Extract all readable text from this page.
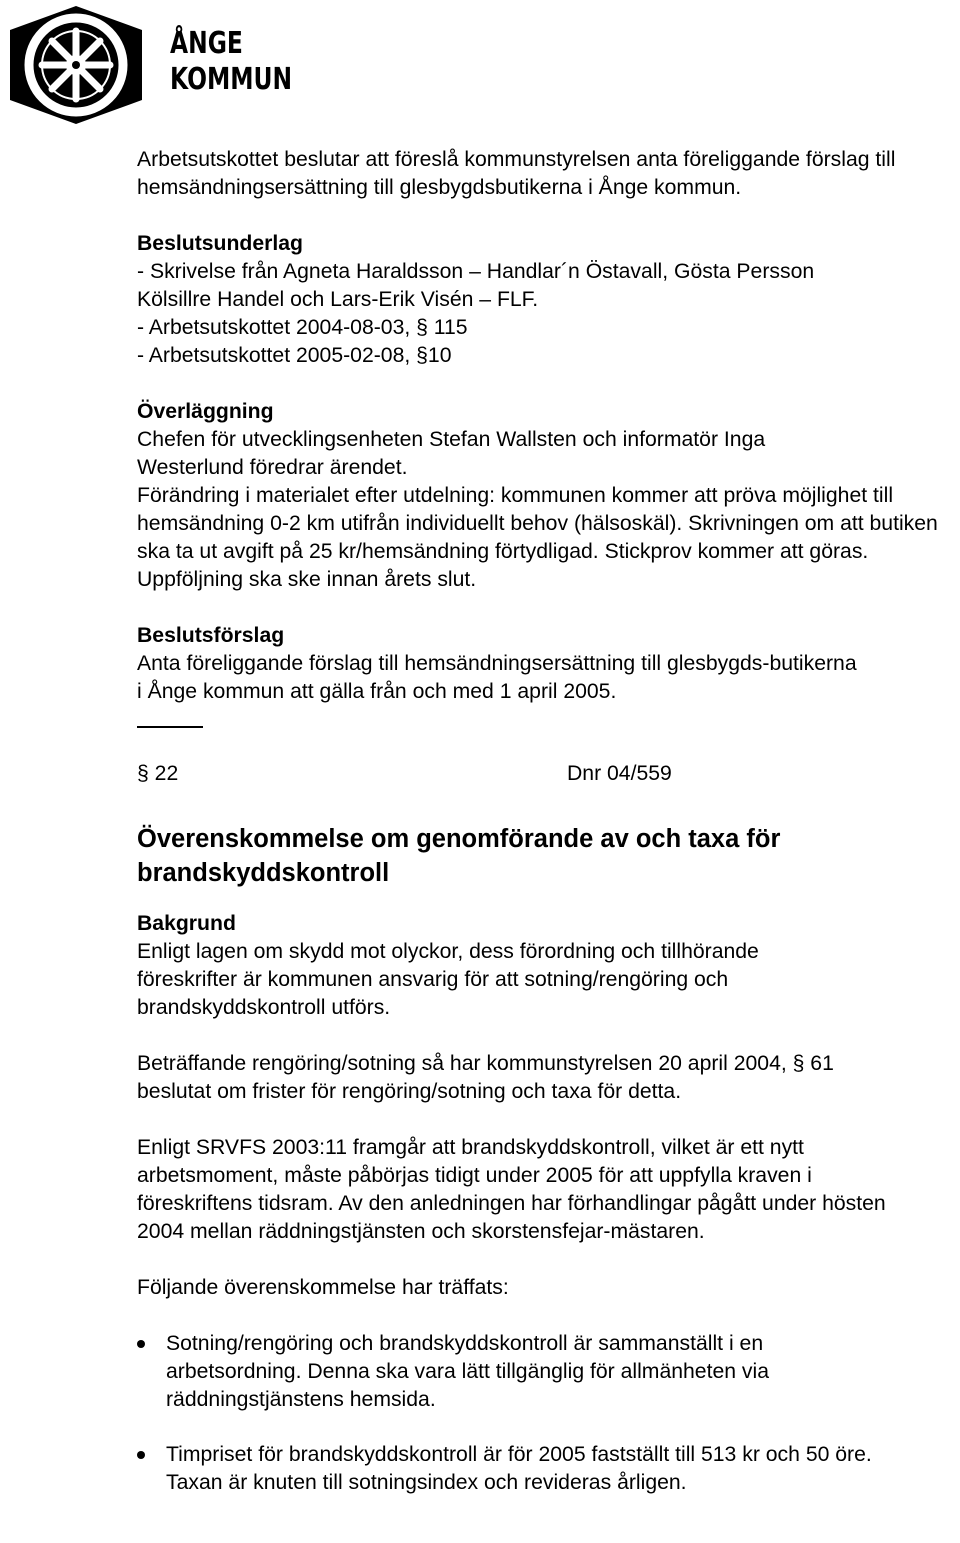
ÅNGE
KOMMUN

Arbetsutskottet beslutar att föreslå kommunstyrelsen anta föreliggande förslag till hemsändningsersättning till glesbygdsbutikerna i Ånge kommun.

Beslutsunderlag

- Skrivelse från Agneta Haraldsson – Handlar´n Östavall, Gösta Persson

Kölsillre Handel och Lars-Erik Visén – FLF.

- Arbetsutskottet 2004-08-03, § 115

- Arbetsutskottet 2005-02-08, §10

Överläggning

Chefen för utvecklingsenheten Stefan Wallsten och informatör Inga Westerlund föredrar ärendet.

Förändring i materialet efter utdelning: kommunen kommer att pröva möjlighet till hemsändning 0-2 km utifrån individuellt behov (hälsoskäl). Skrivningen om att butiken ska ta ut avgift på 25 kr/hemsändning förtydligad. Stickprov kommer att göras. Uppföljning ska ske innan årets slut.

Beslutsförslag

Anta föreliggande förslag till hemsändningsersättning till glesbygds-butikerna i Ånge kommun att gälla från och med 1 april 2005.

§ 22	Dnr 04/559

Överenskommelse om genomförande av och taxa för brandskyddskontroll

Bakgrund

Enligt lagen om skydd mot olyckor, dess förordning och tillhörande föreskrifter är kommunen ansvarig för att sotning/rengöring och brandskyddskontroll utförs.

Beträffande rengöring/sotning så har kommunstyrelsen 20 april 2004, § 61 beslutat om frister för rengöring/sotning och taxa för detta.

Enligt SRVFS 2003:11 framgår att brandskyddskontroll, vilket är ett nytt arbetsmoment, måste påbörjas tidigt under 2005 för att uppfylla kraven i föreskriftens tidsram. Av den anledningen har förhandlingar pågått under hösten 2004 mellan räddningstjänsten och skorstensfejar-mästaren.

Följande överenskommelse har träffats:

Sotning/rengöring och brandskyddskontroll är sammanställt i en arbetsordning. Denna ska vara lätt tillgänglig för allmänheten via räddningstjänstens hemsida.
Timpriset för brandskyddskontroll är för 2005 fastställt till 513 kr och 50 öre. Taxan är knuten till sotningsindex och revideras årligen.
